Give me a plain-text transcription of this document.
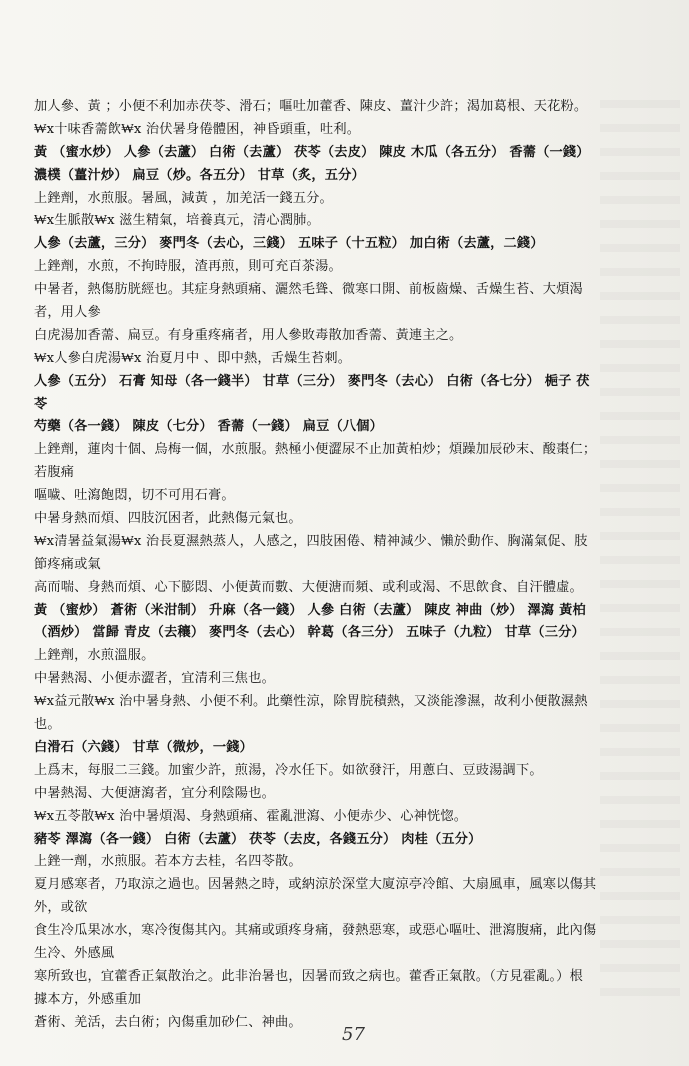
加人參、黃 ；小便不利加赤茯苓、滑石；嘔吐加藿香、陳皮、薑汁少許；渴加葛根、天花粉。
₩x十味香薷飲₩x 治伏暑身倦體困，神昏頭重，吐利。
黃 （蜜水炒） 人參（去蘆） 白術（去蘆） 茯苓（去皮） 陳皮 木瓜（各五分） 香薷（一錢）
濃樸（薑汁炒） 扁豆（炒。各五分） 甘草（炙，五分）
上銼劑，水煎服。暑風，減黃 ，加羌活一錢五分。
₩x生脈散₩x 滋生精氣，培養真元，清心潤肺。
人參（去蘆，三分） 麥門冬（去心，三錢） 五味子（十五粒） 加白術（去蘆，二錢）
上銼劑，水煎，不拘時服，渣再煎，則可充百茶湯。
中暑者，熱傷肪胱經也。其症身熱頭痛、灑然毛聳、微寒口開、前板齒燥、舌燥生苔、大煩渴
者，用人參
白虎湯加香薷、扁豆。有身重疼痛者，用人參敗毒散加香薷、黃連主之。
₩x人參白虎湯₩x 治夏月中 、即中熱，舌燥生苔刺。
人參（五分） 石膏 知母（各一錢半） 甘草（三分） 麥門冬（去心） 白術（各七分） 梔子 茯
苓
芍藥（各一錢） 陳皮（七分） 香薷（一錢） 扁豆（八個）
上銼劑，蓮肉十個、烏梅一個，水煎服。熱極小便澀尿不止加黃柏炒；煩躁加辰砂末、酸棗仁；
若腹痛
嘔噦、吐瀉飽悶，切不可用石膏。
中暑身熱而煩、四肢沉困者，此熱傷元氣也。
₩x清暑益氣湯₩x 治長夏濕熱蒸人，人感之，四肢困倦、精神減少、懶於動作、胸滿氣促、肢
節疼痛或氣
高而喘、身熱而煩、心下膨悶、小便黃而數、大便溏而頻、或利或渴、不思飲食、自汗體虛。
黃 （蜜炒） 蒼術（米泔制） 升麻（各一錢） 人參 白術（去蘆） 陳皮 神曲（炒） 澤瀉 黃柏
（酒炒） 當歸 青皮（去穰） 麥門冬（去心） 幹葛（各三分） 五味子（九粒） 甘草（三分）
上銼劑，水煎溫服。
中暑熱渴、小便赤澀者，宜清利三焦也。
₩x益元散₩x 治中暑身熱、小便不利。此藥性涼，除胃脘積熱，又淡能滲濕，故利小便散濕熱
也。
白滑石（六錢） 甘草（微炒，一錢）
上爲末，每服二三錢。加蜜少許，煎湯，冷水任下。如欲發汗，用蔥白、豆豉湯調下。
中暑熱渴、大便溏瀉者，宜分利陰陽也。
₩x五苓散₩x 治中暑煩渴、身熱頭痛、霍亂泄瀉、小便赤少、心神恍惚。
豬苓 澤瀉（各一錢） 白術（去蘆） 茯苓（去皮，各錢五分） 肉桂（五分）
上銼一劑，水煎服。若本方去桂，名四苓散。
夏月感寒者，乃取涼之過也。因暑熱之時，或納涼於深堂大廈涼亭冷館、大扇風車，風寒以傷其
外，或欲
食生冷瓜果冰水，寒冷復傷其內。其痛或頭疼身痛，發熱惡寒，或惡心嘔吐、泄瀉腹痛，此內傷
生冷、外感風
寒所致也，宜藿香正氣散治之。此非治暑也，因暑而致之病也。藿香正氣散。（方見霍亂。）根
據本方，外感重加
蒼術、羌活，去白術；內傷重加砂仁、神曲。
57
